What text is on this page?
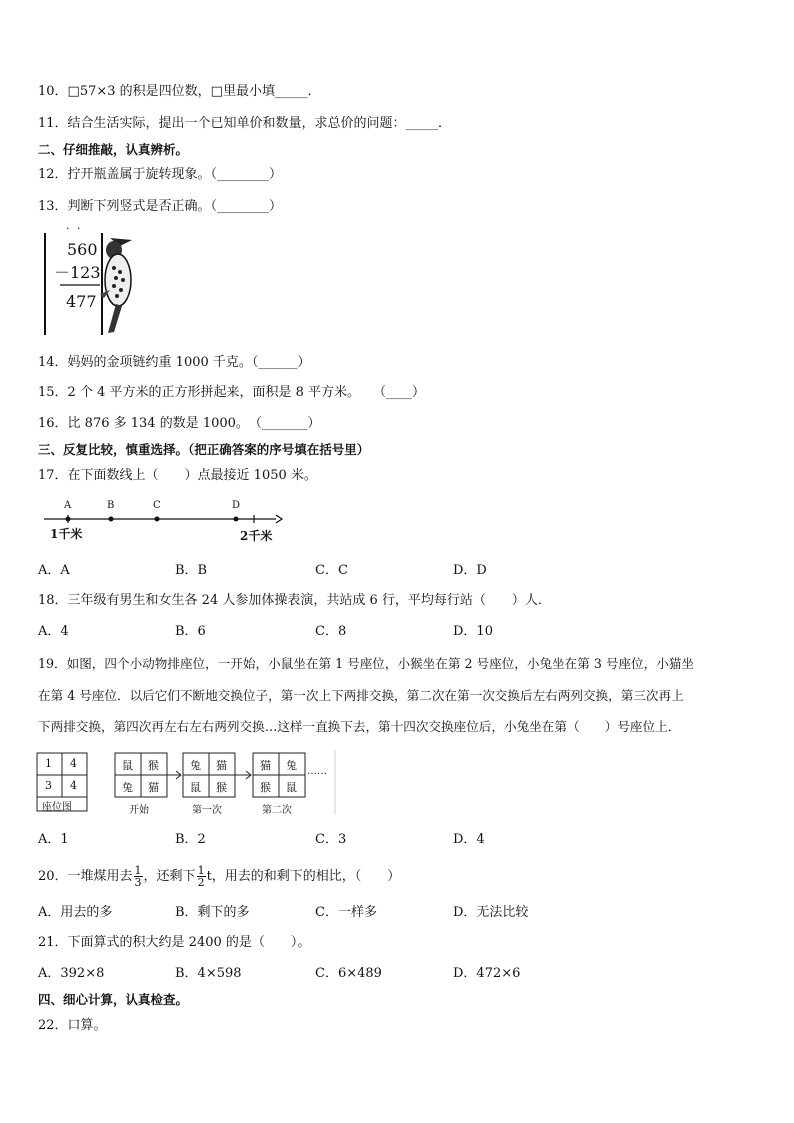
10．□57×3 的积是四位数，□里最小填_____．
11．结合生活实际，提出一个已知单价和数量，求总价的问题：_____．
二、仔细推敲，认真辨析。
12．拧开瓶盖属于旋转现象。（________）
13．判断下列竖式是否正确。（________）
· ·
560
－123
477
14．妈妈的金项链约重 1000 千克。（______）
15．2 个 4 平方米的正方形拼起来，面积是 8 平方米。　　（____）
16．比 876 多 134 的数是 1000。　（_______）
三、反复比较，慎重选择。（把正确答案的序号填在括号里）
17．在下面数线上（　　）点最接近 1050 米。
A	B	C	D
1千米	2千米
A．A	B．B	C．C	D．D
18．三年级有男生和女生各 24 人参加体操表演，共站成 6 行，平均每行站（　　）人．
A．4	B．6	C．8	D．10
19．如图，四个小动物排座位，一开始，小鼠坐在第 1 号座位，小猴坐在第 2 号座位，小兔坐在第 3 号座位，小猫坐
在第 4 号座位．以后它们不断地交换位子，第一次上下两排交换，第二次在第一次交换后左右两列交换，第三次再上
下两排交换，第四次再左右左右两列交换…这样一直换下去，第十四次交换座位后，小兔坐在第（　　）号座位上．
1 4
3 4
座位图
鼠 猴
兔 猫
开始
兔 猫
鼠 猴
第一次
猫 兔
猴 鼠
第二次
……
A．1	B．2	C．3	D．4
20．一堆煤用去 $\frac{1}{3}$ ，还剩下 $\frac{1}{2}$ t，用去的和剩下的相比，（　　）
A．用去的多	B．剩下的多	C．一样多	D．无法比较
21．下面算式的积大约是 2400 的是（　　）。
A．392×8	B．4×598	C．6×489	D．472×6
四、细心计算，认真检查。
22．口算。
